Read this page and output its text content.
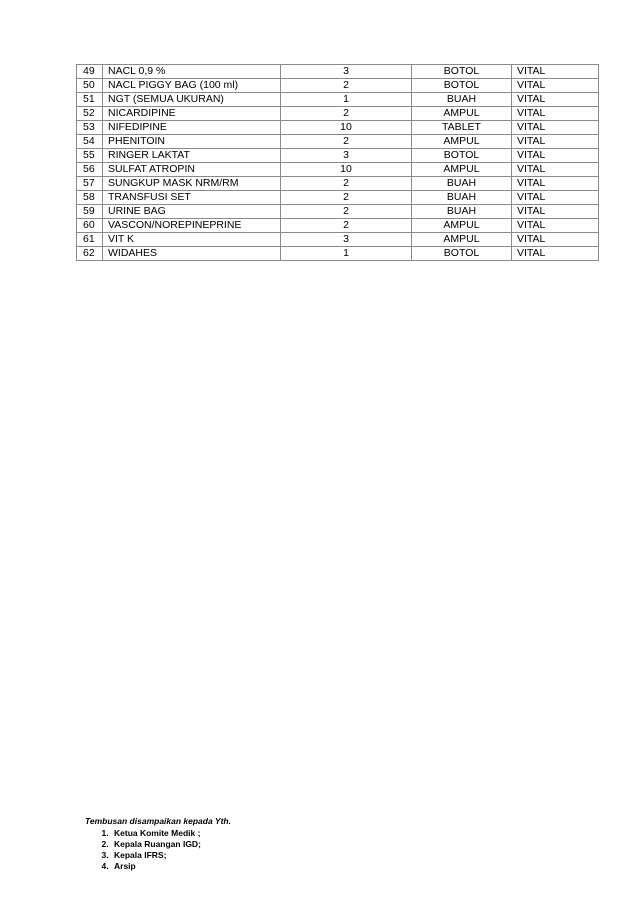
49	NACL 0,9 %	3	BOTOL	VITAL
50	NACL PIGGY BAG (100 ml)	2	BOTOL	VITAL
51	NGT (SEMUA UKURAN)	1	BUAH	VITAL
52	NICARDIPINE	2	AMPUL	VITAL
53	NIFEDIPINE	10	TABLET	VITAL
54	PHENITOIN	2	AMPUL	VITAL
55	RINGER LAKTAT	3	BOTOL	VITAL
56	SULFAT ATROPIN	10	AMPUL	VITAL
57	SUNGKUP MASK NRM/RM	2	BUAH	VITAL
58	TRANSFUSI SET	2	BUAH	VITAL
59	URINE BAG	2	BUAH	VITAL
60	VASCON/NOREPINEPRINE	2	AMPUL	VITAL
61	VIT K	3	AMPUL	VITAL
62	WIDAHES	1	BOTOL	VITAL
Tembusan disampaikan kepada Yth.
1. Ketua Komite Medik ;
2. Kepala Ruangan IGD;
3. Kepala IFRS;
4. Arsip
